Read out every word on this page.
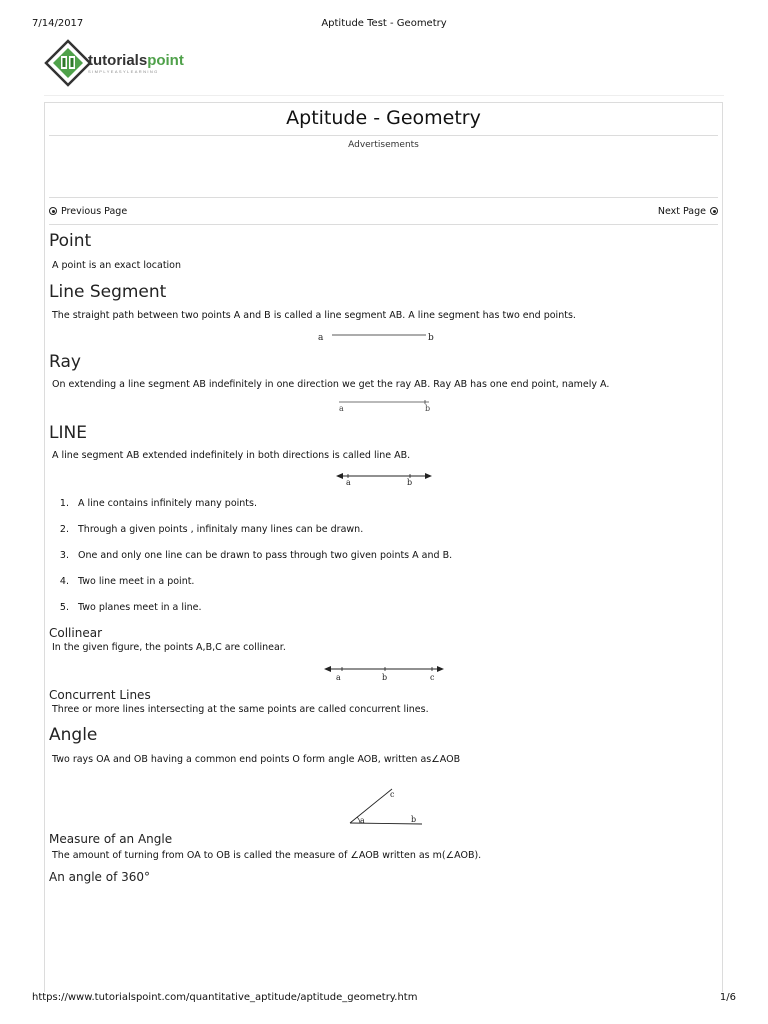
7/14/2017	Aptitude Test - Geometry
tutorialspoint
SIMPLYEASYLEARNING
Aptitude - Geometry
Advertisements
Previous Page	Next Page
Point

A point is an exact location

Line Segment

The straight path between two points A and B is called a line segment AB. A line segment has two end points.

a	b
Ray

On extending a line segment AB indefinitely in one direction we get the ray AB. Ray AB has one end point, namely A.

a	b
LINE

A line segment AB extended indefinitely in both directions is called line AB.

a	b
1. A line contains infinitely many points.
2. Through a given points , infinitaly many lines can be drawn.
3. One and only one line can be drawn to pass through two given points A and B.
4. Two line meet in a point.
5. Two planes meet in a line.
Collinear

In the given figure, the points A,B,C are collinear.

a	b	c
Concurrent Lines

Three or more lines intersecting at the same points are called concurrent lines.

Angle

Two rays OA and OB having a common end points O form angle AOB, written as∠AOB

c
a	b
Measure of an Angle

The amount of turning from OA to OB is called the measure of ∠AOB written as m(∠AOB).

An angle of 360°
https://www.tutorialspoint.com/quantitative_aptitude/aptitude_geometry.htm	1/6
